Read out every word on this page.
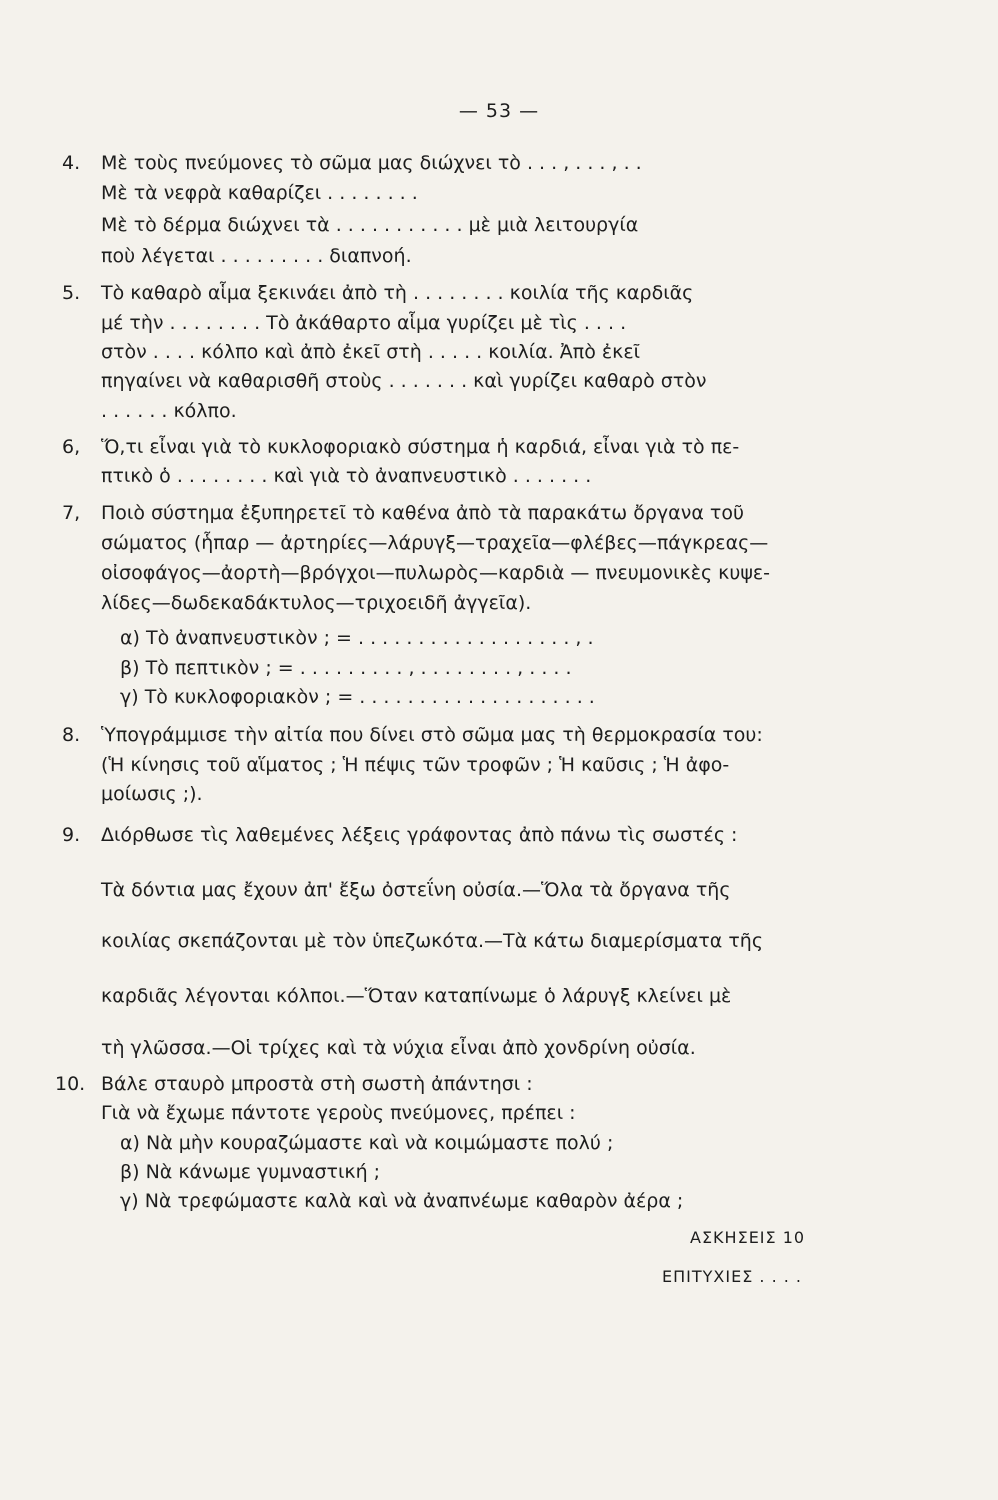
— 53 —
4. Μὲ τοὺς πνεύμονες τὸ σῶμα μας διώχνει τὸ . . . , . . . , . .
Μὲ τὰ νεφρὰ καθαρίζει . . . . . . . .
Μὲ τὸ δέρμα διώχνει τὰ . . . . . . . . . . . μὲ μιὰ λειτουργία
ποὺ λέγεται . . . . . . . . . διαπνοή.
5. Τὸ καθαρὸ αἷμα ξεκινάει ἀπὸ τὴ . . . . . . . . κοιλία τῆς καρδιᾶς
μέ τὴν . . . . . . . . Τὸ ἀκάθαρτο αἷμα γυρίζει μὲ τὶς . . . .
στὸν . . . . κόλπο καὶ ἀπὸ ἐκεῖ στὴ . . . . . κοιλία. Ἀπὸ ἐκεῖ
πηγαίνει νὰ καθαρισθῆ στοὺς . . . . . . . καὶ γυρίζει καθαρὸ στὸν
. . . . . . κόλπο.
6, Ὅ,τι εἶναι γιὰ τὸ κυκλοφοριακὸ σύστημα ἡ καρδιά, εἶναι γιὰ τὸ πε-
πτικὸ ὁ . . . . . . . . καὶ γιὰ τὸ ἀναπνευστικὸ . . . . . . .
7, Ποιὸ σύστημα ἐξυπηρετεῖ τὸ καθένα ἀπὸ τὰ παρακάτω ὄργανα τοῦ
σώματος (ἧπαρ — ἀρτηρίες—λάρυγξ—τραχεῖα—φλέβες—πάγκρεας—
οἰσοφάγος—ἀορτὴ—βρόγχοι—πυλωρὸς—καρδιὰ — πνευμονικὲς κυψε-
λίδες—δωδεκαδάκτυλος—τριχοειδῆ ἀγγεῖα).
α) Τὸ ἀναπνευστικὸν ; = . . . . . . . . . . . . . . . . . . , .
β) Τὸ πεπτικὸν ; = . . . . . . . . . , . . . . . . . . , . . . .
γ) Τὸ κυκλοφοριακὸν ; = . . . . . . . . . . . . . . . . . . . .
8. Ὑπογράμμισε τὴν αἰτία που δίνει στὸ σῶμα μας τὴ θερμοκρασία του:
(Ἡ κίνησις τοῦ αἵματος ; Ἡ πέψις τῶν τροφῶν ; Ἡ καῦσις ; Ἡ ἀφο-
μοίωσις ;).
9. Διόρθωσε τὶς λαθεμένες λέξεις γράφοντας ἀπὸ πάνω τὶς σωστές :
Τὰ δόντια μας ἔχουν ἀπ' ἔξω ὀστεΐνη οὐσία.—Ὅλα τὰ ὄργανα τῆς
κοιλίας σκεπάζονται μὲ τὸν ὑπεζωκότα.—Τὰ κάτω διαμερίσματα τῆς
καρδιᾶς λέγονται κόλποι.—Ὅταν καταπίνωμε ὁ λάρυγξ κλείνει μὲ
τὴ γλῶσσα.—Οἱ τρίχες καὶ τὰ νύχια εἶναι ἀπὸ χονδρίνη οὐσία.
10. Βάλε σταυρὸ μπροστὰ στὴ σωστὴ ἀπάντησι :
Γιὰ νὰ ἔχωμε πάντοτε γεροὺς πνεύμονες, πρέπει :
α) Νὰ μὴν κουραζώμαστε καὶ νὰ κοιμώμαστε πολύ ;
β) Νὰ κάνωμε γυμναστική ;
γ) Νὰ τρεφώμαστε καλὰ καὶ νὰ ἀναπνέωμε καθαρὸν ἀέρα ;
ΑΣΚΗΣΕΙΣ 10
ΕΠΙΤΥΧΙΕΣ . . . .
